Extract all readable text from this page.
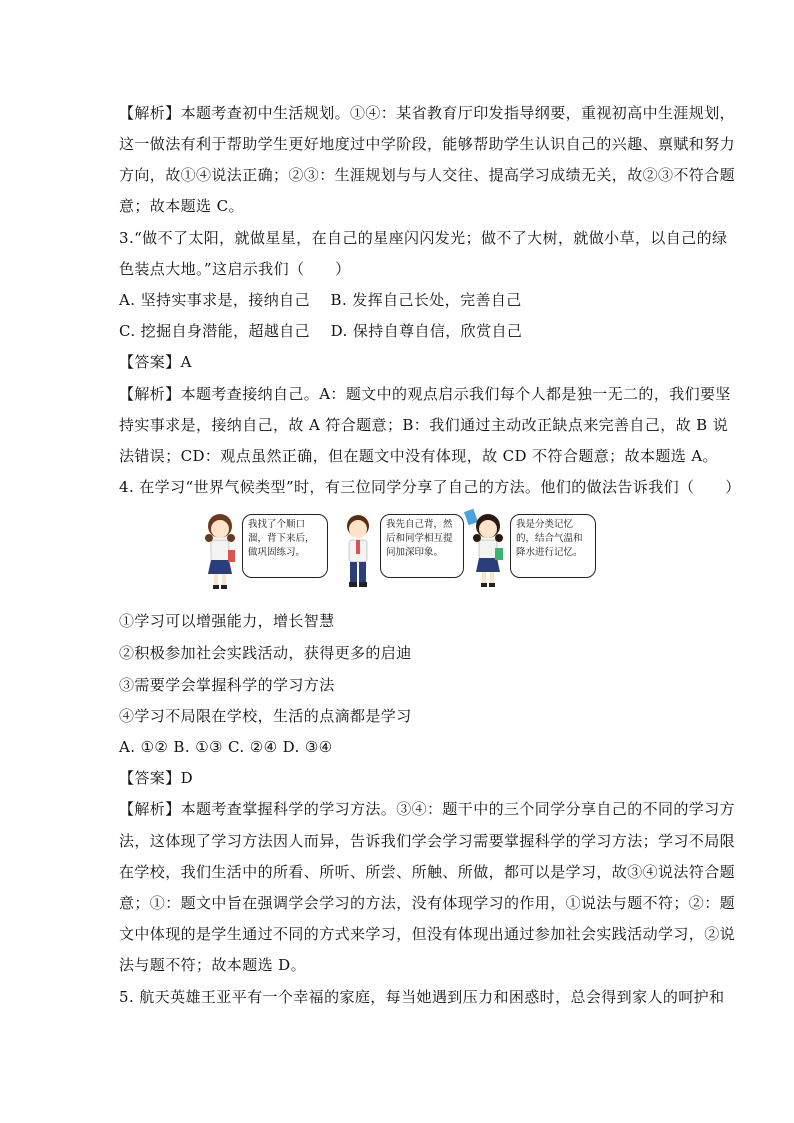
【解析】本题考查初中生活规划。①④：某省教育厅印发指导纲要，重视初高中生涯规划，
这一做法有利于帮助学生更好地度过中学阶段，能够帮助学生认识自己的兴趣、禀赋和努力
方向，故①④说法正确；②③：生涯规划与与人交往、提高学习成绩无关，故②③不符合题
意；故本题选 C。
3.“做不了太阳，就做星星，在自己的星座闪闪发光；做不了大树，就做小草，以自己的绿
色装点大地。”这启示我们（　　）
A. 坚持实事求是，接纳自己　 B. 发挥自己长处，完善自己
C. 挖掘自身潜能，超越自己　 D. 保持自尊自信，欣赏自己
【答案】A
【解析】本题考查接纳自己。A：题文中的观点启示我们每个人都是独一无二的，我们要坚
持实事求是，接纳自己，故 A 符合题意；B：我们通过主动改正缺点来完善自己，故 B 说
法错误；CD：观点虽然正确，但在题文中没有体现，故 CD 不符合题意；故本题选 A。
4. 在学习“世界气候类型”时，有三位同学分享了自己的方法。他们的做法告诉我们（　　）
我找了个顺口溜，背下来后，做巩固练习。
我先自己背，然后和同学相互提问加深印象。
我是分类记忆的，结合气温和降水进行记忆。
①学习可以增强能力，增长智慧
②积极参加社会实践活动，获得更多的启迪
③需要学会掌握科学的学习方法
④学习不局限在学校，生活的点滴都是学习
A. ①② B. ①③ C. ②④ D. ③④
【答案】D
【解析】本题考查掌握科学的学习方法。③④：题干中的三个同学分享自己的不同的学习方
法，这体现了学习方法因人而异，告诉我们学会学习需要掌握科学的学习方法；学习不局限
在学校，我们生活中的所看、所听、所尝、所触、所做，都可以是学习，故③④说法符合题
意；①：题文中旨在强调学会学习的方法，没有体现学习的作用，①说法与题不符；②：题
文中体现的是学生通过不同的方式来学习，但没有体现出通过参加社会实践活动学习，②说
法与题不符；故本题选 D。
5. 航天英雄王亚平有一个幸福的家庭，每当她遇到压力和困惑时，总会得到家人的呵护和
